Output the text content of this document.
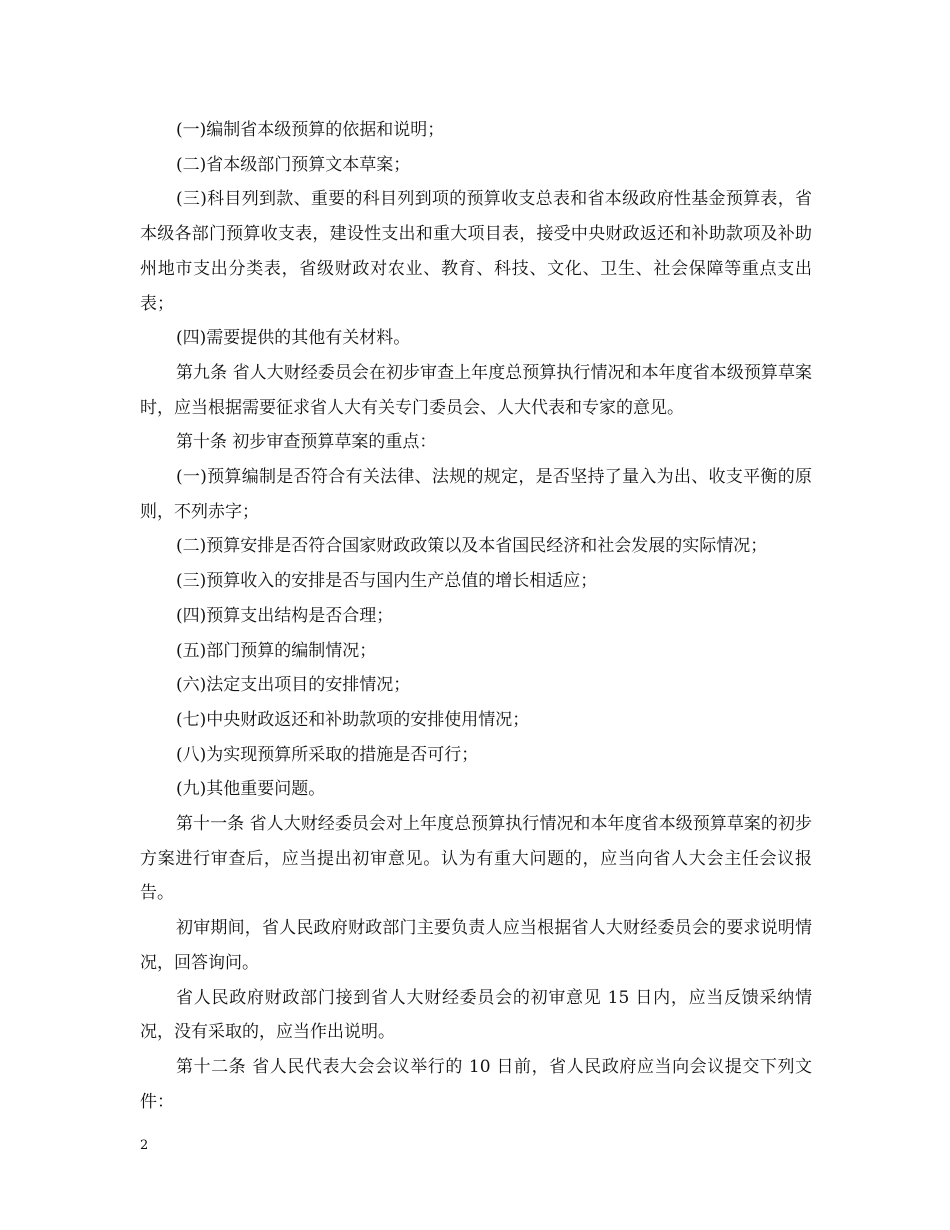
(一)编制省本级预算的依据和说明；

(二)省本级部门预算文本草案；

(三)科目列到款、重要的科目列到项的预算收支总表和省本级政府性基金预算表，省本级各部门预算收支表，建设性支出和重大项目表，接受中央财政返还和补助款项及补助州地市支出分类表，省级财政对农业、教育、科技、文化、卫生、社会保障等重点支出表；

(四)需要提供的其他有关材料。

第九条 省人大财经委员会在初步审查上年度总预算执行情况和本年度省本级预算草案时，应当根据需要征求省人大有关专门委员会、人大代表和专家的意见。

第十条 初步审查预算草案的重点：

(一)预算编制是否符合有关法律、法规的规定，是否坚持了量入为出、收支平衡的原则，不列赤字；

(二)预算安排是否符合国家财政政策以及本省国民经济和社会发展的实际情况；

(三)预算收入的安排是否与国内生产总值的增长相适应；

(四)预算支出结构是否合理；

(五)部门预算的编制情况；

(六)法定支出项目的安排情况；

(七)中央财政返还和补助款项的安排使用情况；

(八)为实现预算所采取的措施是否可行；

(九)其他重要问题。

第十一条 省人大财经委员会对上年度总预算执行情况和本年度省本级预算草案的初步方案进行审查后，应当提出初审意见。认为有重大问题的，应当向省人大会主任会议报告。

初审期间，省人民政府财政部门主要负责人应当根据省人大财经委员会的要求说明情况，回答询问。

省人民政府财政部门接到省人大财经委员会的初审意见 15 日内，应当反馈采纳情况，没有采取的，应当作出说明。

第十二条 省人民代表大会会议举行的 10 日前，省人民政府应当向会议提交下列文件：

2
